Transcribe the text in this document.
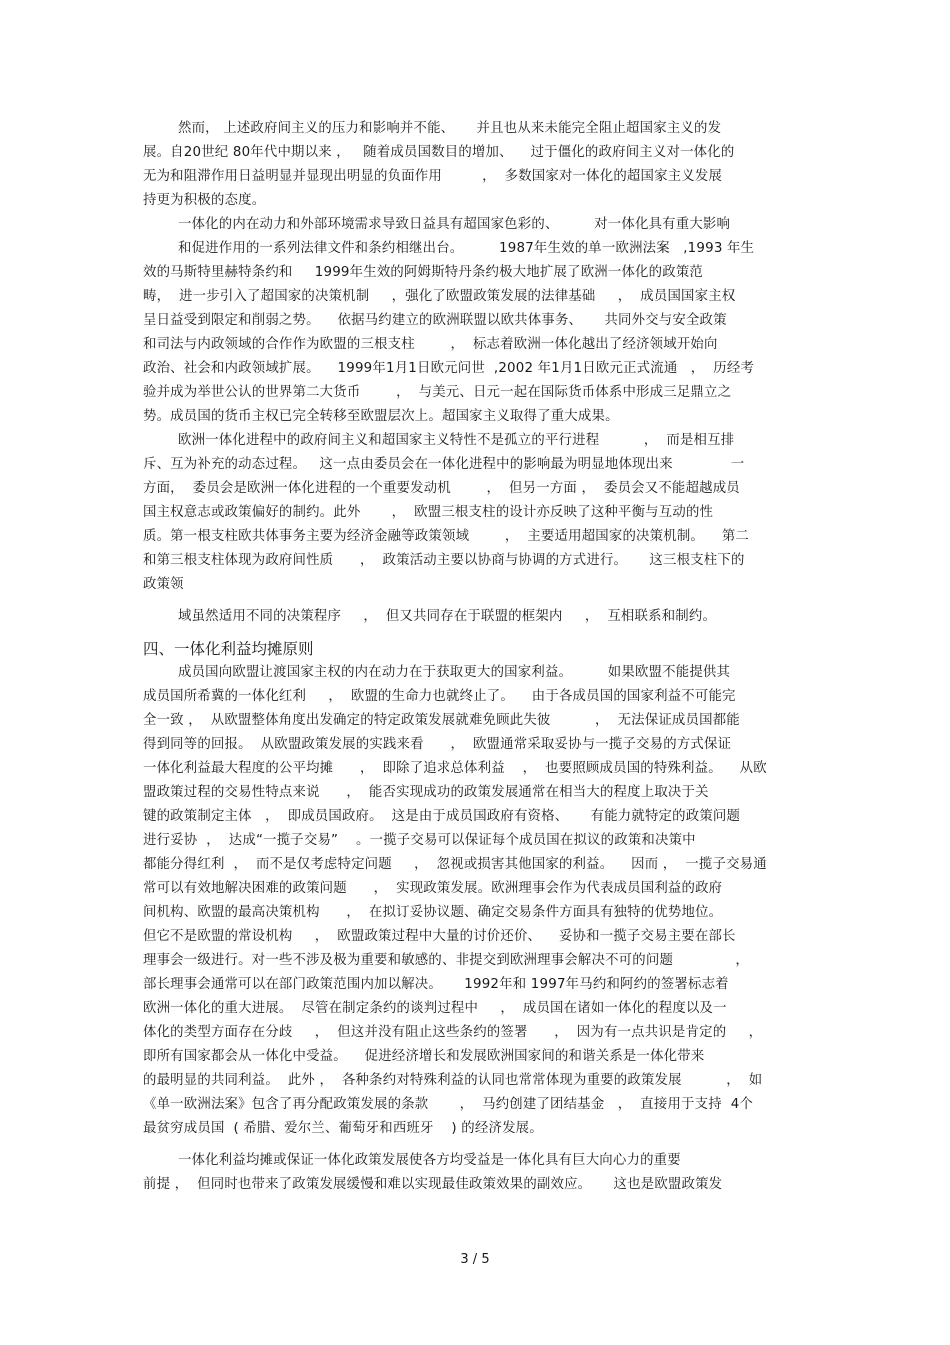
然而， 上述政府间主义的压力和影响并不能、     并且也从来未能完全阻止超国家主义的发
展。自20世纪 80年代中期以来 ，   随着成员国数目的增加、    过于僵化的政府间主义对一体化的
无为和阻滞作用日益明显并显现出明显的负面作用         ，  多数国家对一体化的超国家主义发展
持更为积极的态度。
一体化的内在动力和外部环境需求导致日益具有超国家色彩的、        对一体化具有重大影响
和促进作用的一系列法律文件和条约相继出台。        1987年生效的单一欧洲法案   ,1993 年生
效的马斯特里赫特条约和     1999年生效的阿姆斯特丹条约极大地扩展了欧洲一体化的政策范
畴，  进一步引入了超国家的决策机制     ，强化了欧盟政策发展的法律基础     ，  成员国国家主权
呈日益受到限定和削弱之势。    依据马约建立的欧洲联盟以欧共体事务、     共同外交与安全政策
和司法与内政领域的合作作为欧盟的三根支柱        ，  标志着欧洲一体化越出了经济领域开始向
政治、社会和内政领域扩展。    1999年1月1日欧元问世  ,2002 年1月1日欧元正式流通   ，  历经考
验并成为举世公认的世界第二大货币        ，  与美元、日元一起在国际货币体系中形成三足鼎立之
势。成员国的货币主权已完全转移至欧盟层次上。超国家主义取得了重大成果。
欧洲一体化进程中的政府间主义和超国家主义特性不是孤立的平行进程          ，  而是相互排
斥、互为补充的动态过程。   这一点由委员会在一体化进程中的影响最为明显地体现出来             一
方面，  委员会是欧洲一体化进程的一个重要发动机        ，  但另一方面 ，  委员会又不能超越成员
国主权意志或政策偏好的制约。此外       ，  欧盟三根支柱的设计亦反映了这种平衡与互动的性
质。第一根支柱欧共体事务主要为经济金融等政策领域        ，  主要适用超国家的决策机制。    第二
和第三根支柱体现为政府间性质      ，  政策活动主要以协商与协调的方式进行。     这三根支柱下的
政策领
域虽然适用不同的决策程序     ，  但又共同存在于联盟的框架内     ，  互相联系和制约。
成员国向欧盟让渡国家主权的内在动力在于获取更大的国家利益。        如果欧盟不能提供其
成员国所希冀的一体化红利     ，  欧盟的生命力也就终止了。    由于各成员国的国家利益不可能完
全一致 ，  从欧盟整体角度出发确定的特定政策发展就难免顾此失彼          ，  无法保证成员国都能
得到同等的回报。  从欧盟政策发展的实践来看      ，  欧盟通常采取妥协与一揽子交易的方式保证
一体化利益最大程度的公平均摊      ，  即除了追求总体利益    ，  也要照顾成员国的特殊利益。    从欧
盟政策过程的交易性特点来说      ，  能否实现成功的政策发展通常在相当大的程度上取决于关
键的政策制定主体   ，  即成员国政府。  这是由于成员国政府有资格、     有能力就特定的政策问题
进行妥协  ，  达成“一揽子交易”    。一揽子交易可以保证每个成员国在拟议的政策和决策中
都能分得红利  ，  而不是仅考虑特定问题     ，  忽视或损害其他国家的利益。    因而 ，  一揽子交易通
常可以有效地解决困难的政策问题      ，  实现政策发展。欧洲理事会作为代表成员国利益的政府
间机构、欧盟的最高决策机构      ，  在拟订妥协议题、确定交易条件方面具有独特的优势地位。
但它不是欧盟的常设机构     ，  欧盟政策过程中大量的讨价还价、    妥协和一揽子交易主要在部长
理事会一级进行。对一些不涉及极为重要和敏感的、非提交到欧洲理事会解决不可的问题              ，
部长理事会通常可以在部门政策范围内加以解决。     1992年和 1997年马约和阿约的签署标志着
欧洲一体化的重大进展。  尽管在制定条约的谈判过程中     ，  成员国在诸如一体化的程度以及一
体化的类型方面存在分歧     ，  但这并没有阻止这些条约的签署      ，  因为有一点共识是肯定的     ，
即所有国家都会从一体化中受益。    促进经济增长和发展欧洲国家间的和谐关系是一体化带来
的最明显的共同利益。  此外 ，  各种条约对特殊利益的认同也常常体现为重要的政策发展          ，  如
《单一欧洲法案》包含了再分配政策发展的条款       ，  马约创建了团结基金   ，  直接用于支持  4个
最贫穷成员国  ( 希腊、爱尔兰、葡萄牙和西班牙    ) 的经济发展。
一体化利益均摊或保证一体化政策发展使各方均受益是一体化具有巨大向心力的重要
前提 ，  但同时也带来了政策发展缓慢和难以实现最佳政策效果的副效应。     这也是欧盟政策发
四、一体化利益均摊原则
3 / 5
